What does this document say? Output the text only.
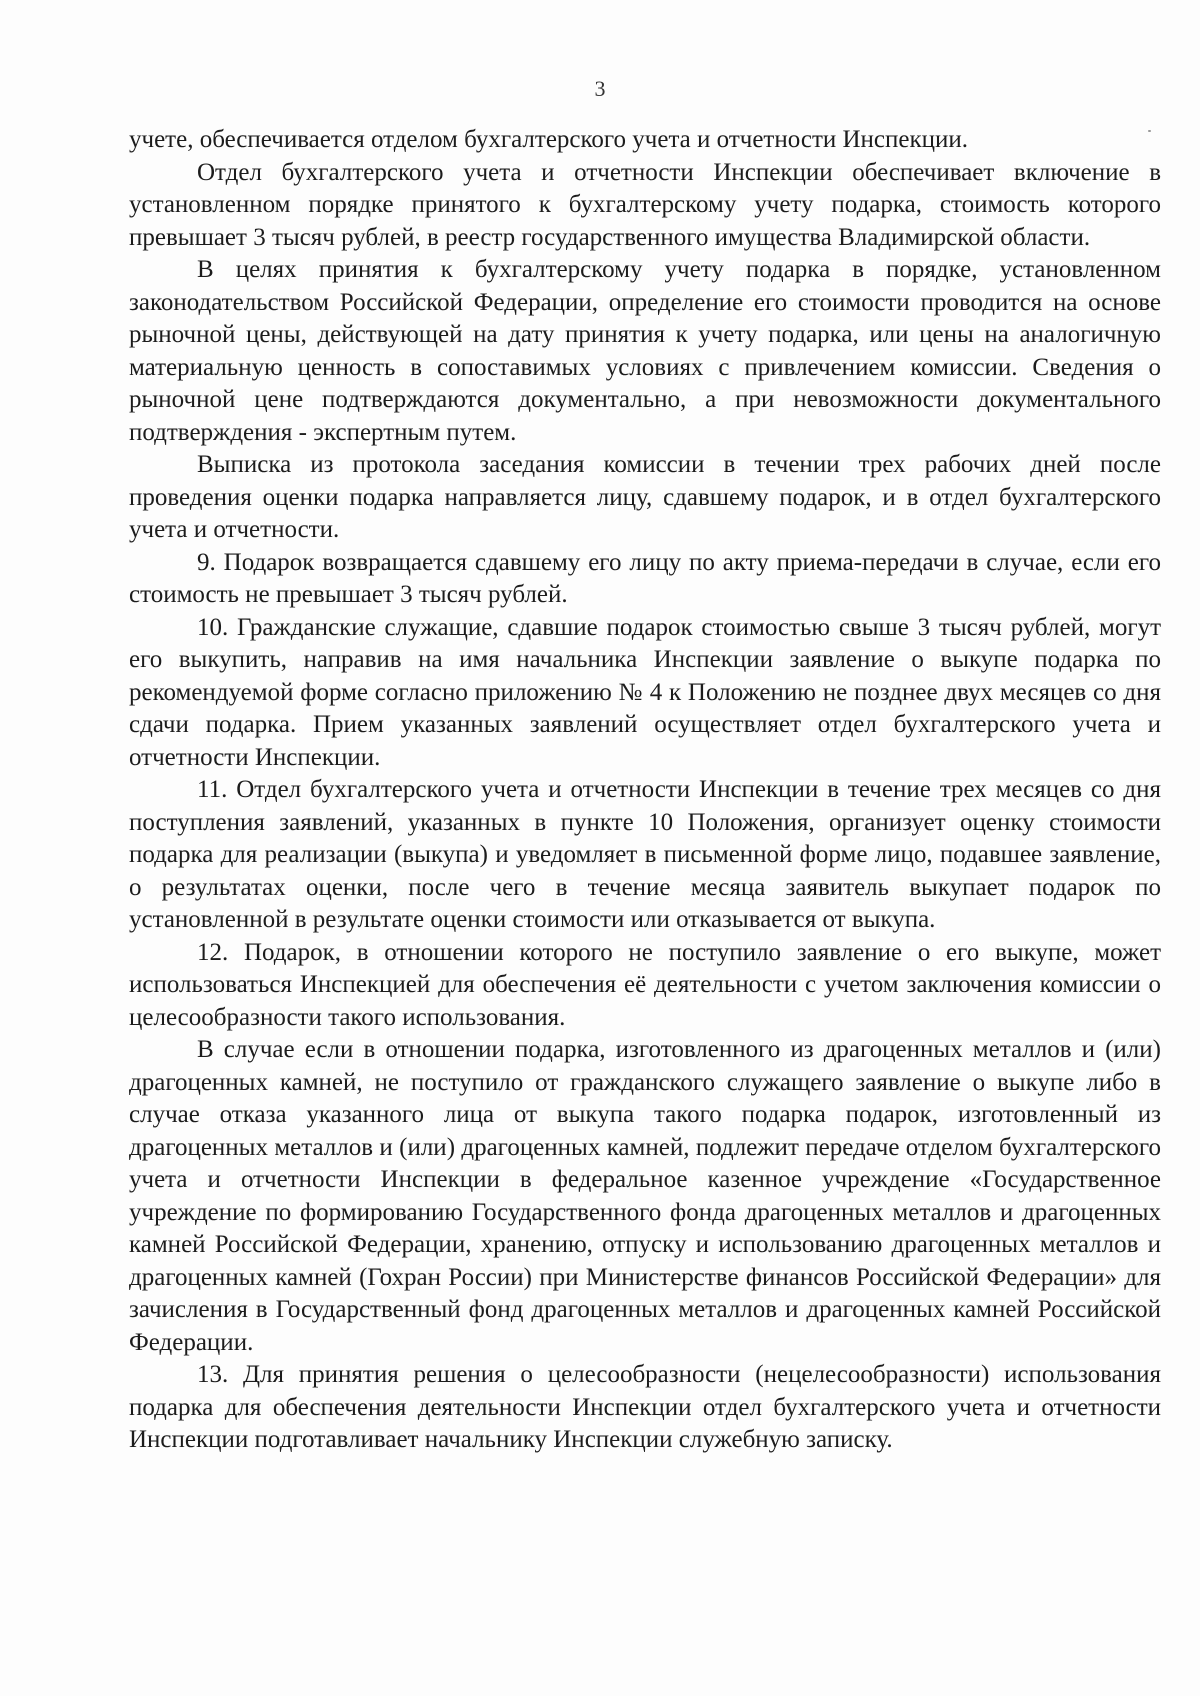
3

учете, обеспечивается отделом бухгалтерского учета и отчетности Инспекции.

Отдел бухгалтерского учета и отчетности Инспекции обеспечивает включение в установленном порядке принятого к бухгалтерскому учету подарка, стоимость которого превышает 3 тысяч рублей, в реестр государственного имущества Владимирской области.

В целях принятия к бухгалтерскому учету подарка в порядке, установленном законодательством Российской Федерации, определение его стоимости проводится на основе рыночной цены, действующей на дату принятия к учету подарка, или цены на аналогичную материальную ценность в сопоставимых условиях с привлечением комиссии. Сведения о рыночной цене подтверждаются документально, а при невозможности документального подтверждения - экспертным путем.

Выписка из протокола заседания комиссии в течении трех рабочих дней после проведения оценки подарка направляется лицу, сдавшему подарок, и в отдел бухгалтерского учета и отчетности.

9. Подарок возвращается сдавшему его лицу по акту приема-передачи в случае, если его стоимость не превышает 3 тысяч рублей.

10. Гражданские служащие, сдавшие подарок стоимостью свыше 3 тысяч рублей, могут его выкупить, направив на имя начальника Инспекции заявление о выкупе подарка по рекомендуемой форме согласно приложению № 4 к Положению не позднее двух месяцев со дня сдачи подарка. Прием указанных заявлений осуществляет отдел бухгалтерского учета и отчетности Инспекции.

11. Отдел бухгалтерского учета и отчетности Инспекции в течение трех месяцев со дня поступления заявлений, указанных в пункте 10 Положения, организует оценку стоимости подарка для реализации (выкупа) и уведомляет в письменной форме лицо, подавшее заявление, о результатах оценки, после чего в течение месяца заявитель выкупает подарок по установленной в результате оценки стоимости или отказывается от выкупа.

12. Подарок, в отношении которого не поступило заявление о его выкупе, может использоваться Инспекцией для обеспечения её деятельности с учетом заключения комиссии о целесообразности такого использования.

В случае если в отношении подарка, изготовленного из драгоценных металлов и (или) драгоценных камней, не поступило от гражданского служащего заявление о выкупе либо в случае отказа указанного лица от выкупа такого подарка подарок, изготовленный из драгоценных металлов и (или) драгоценных камней, подлежит передаче отделом бухгалтерского учета и отчетности Инспекции в федеральное казенное учреждение «Государственное учреждение по формированию Государственного фонда драгоценных металлов и драгоценных камней Российской Федерации, хранению, отпуску и использованию драгоценных металлов и драгоценных камней (Гохран России) при Министерстве финансов Российской Федерации» для зачисления в Государственный фонд драгоценных металлов и драгоценных камней Российской Федерации.

13. Для принятия решения о целесообразности (нецелесообразности) использования подарка для обеспечения деятельности Инспекции отдел бухгалтерского учета и отчетности Инспекции подготавливает начальнику Инспекции служебную записку.
